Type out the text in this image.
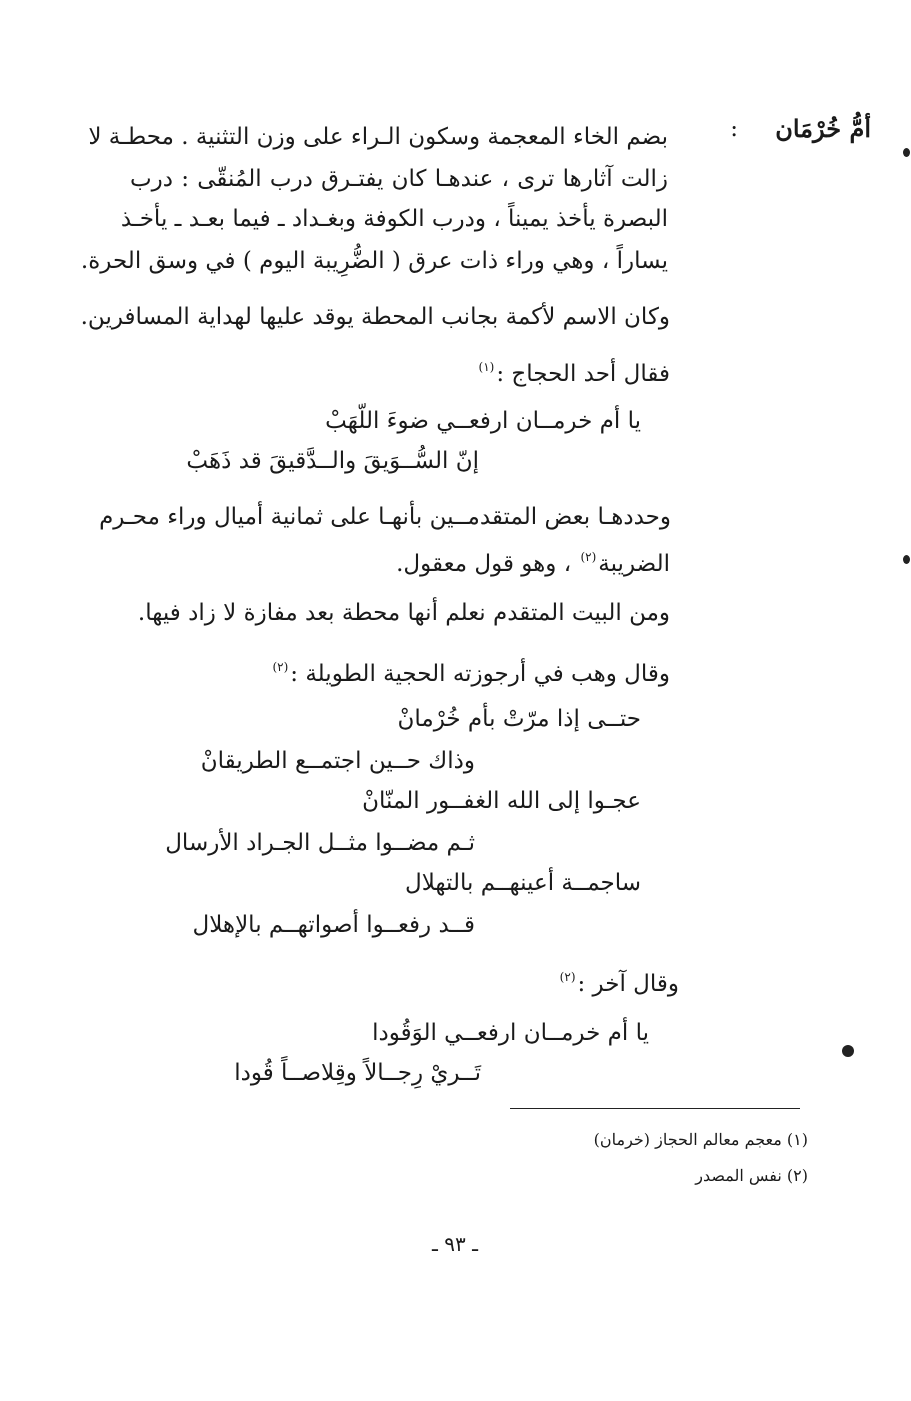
أمُّ خُرْمَان
:
بضم الخاء المعجمة وسكون الـراء على وزن التثنية . محطـة لا
زالت آثارها ترى ، عندهـا كان يفتـرق درب المُنقّى : درب
البصرة يأخذ يميناً ، ودرب الكوفة وبغـداد ـ فيما بعـد ـ يأخـذ
يساراً ، وهي وراء ذات عرق ( الضُّرِيبة اليوم ) في وسق الحرة.
وكان الاسم لأكمة بجانب المحطة يوقد عليها لهداية المسافرين.
فقال أحد الحجاج :$^{(١)}$
يا أم خرمــان ارفعــي ضوءَ اللّهَبْ
إنّ السُّــوَيقَ والــدَّقيقَ قد ذَهَبْ
وحددهـا بعض المتقدمــين بأنهـا على ثمانية أميال وراء محـرم
الضريبة$^{(٢)}$ ، وهو قول معقول.
ومن البيت المتقدم نعلم أنها محطة بعد مفازة لا زاد فيها.
وقال وهب في أرجوزته الحجية الطويلة :$^{(٢)}$
حتــى إذا مرّتْ بأم خُرْمانْ
وذاك حــين اجتمــع الطريقانْ
عجـوا إلى الله الغفــور المنّانْ
ثـم مضــوا مثــل الجـراد الأرسال
ساجمــة أعينهــم بالتهلال
قــد رفعــوا أصواتهــم بالإهلال
وقال آخر :$^{(٢)}$
يا أم خرمــان ارفعــي الوَقُودا
تَــريْ رِجــالاً وقِلاصــاً قُودا
(١) معجم معالم الحجاز (خرمان)
(٢) نفس المصدر
ـ ٩٣ ـ
